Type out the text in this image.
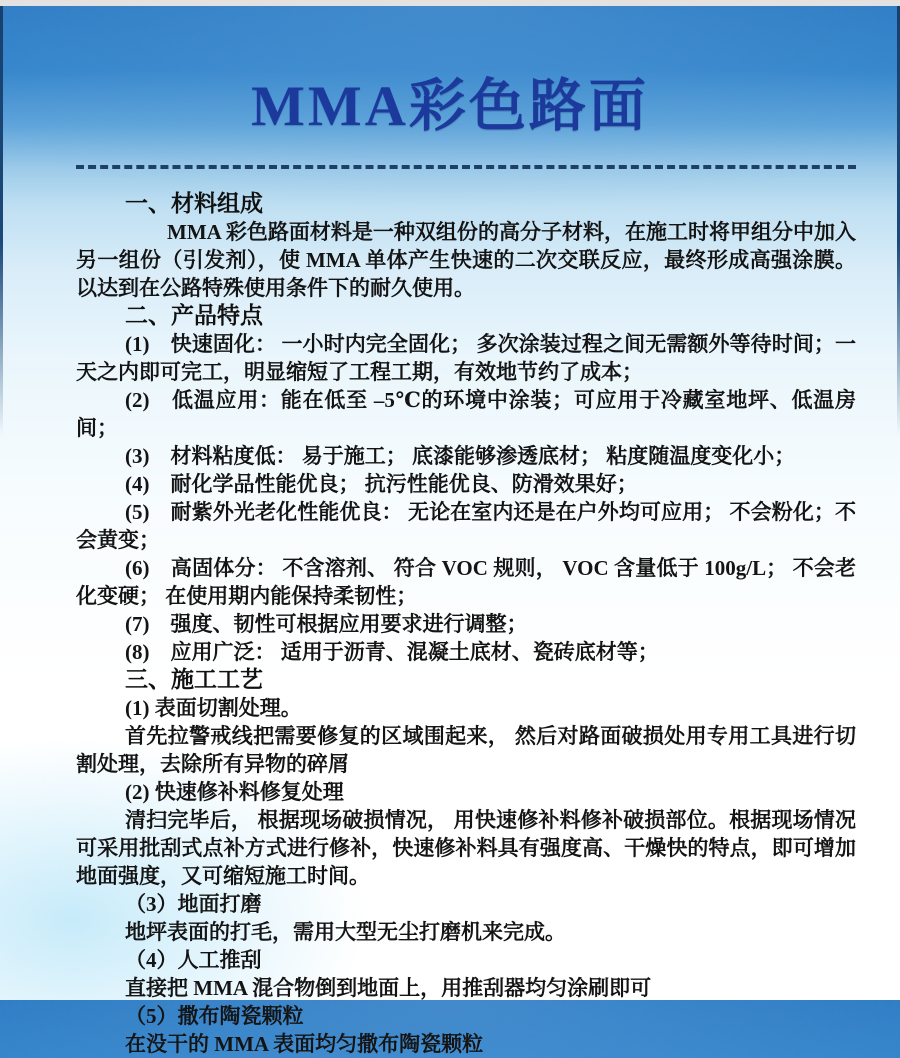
MMA彩色路面
一、材料组成

MMA 彩色路面材料是一种双组份的高分子材料，在施工时将甲组分中加入另一组份（引发剂），使 MMA 单体产生快速的二次交联反应，最终形成高强涂膜。以达到在公路特殊使用条件下的耐久使用。

二、产品特点

(1)　快速固化： 一小时内完全固化； 多次涂装过程之间无需额外等待时间；一天之内即可完工，明显缩短了工程工期，有效地节约了成本；

(2)　低温应用：能在低至 –5℃的环境中涂装；可应用于冷藏室地坪、低温房间；

(3)　材料粘度低： 易于施工； 底漆能够渗透底材； 粘度随温度变化小；

(4)　耐化学品性能优良； 抗污性能优良、防滑效果好；

(5)　耐紫外光老化性能优良： 无论在室内还是在户外均可应用； 不会粉化；不会黄变；

(6)　高固体分： 不含溶剂、 符合 VOC 规则， VOC 含量低于 100g/L； 不会老化变硬； 在使用期内能保持柔韧性；

(7)　强度、韧性可根据应用要求进行调整；

(8)　应用广泛： 适用于沥青、混凝土底材、瓷砖底材等；

三、施工工艺

(1) 表面切割处理。

首先拉警戒线把需要修复的区域围起来， 然后对路面破损处用专用工具进行切割处理，去除所有异物的碎屑

(2) 快速修补料修复处理

清扫完毕后， 根据现场破损情况， 用快速修补料修补破损部位。根据现场情况可采用批刮式点补方式进行修补，快速修补料具有强度高、干燥快的特点，即可增加地面强度，又可缩短施工时间。

（3）地面打磨

地坪表面的打毛，需用大型无尘打磨机来完成。

（4）人工推刮

直接把 MMA 混合物倒到地面上，用推刮器均匀涂刷即可

（5）撒布陶瓷颗粒

在没干的 MMA 表面均匀撒布陶瓷颗粒
